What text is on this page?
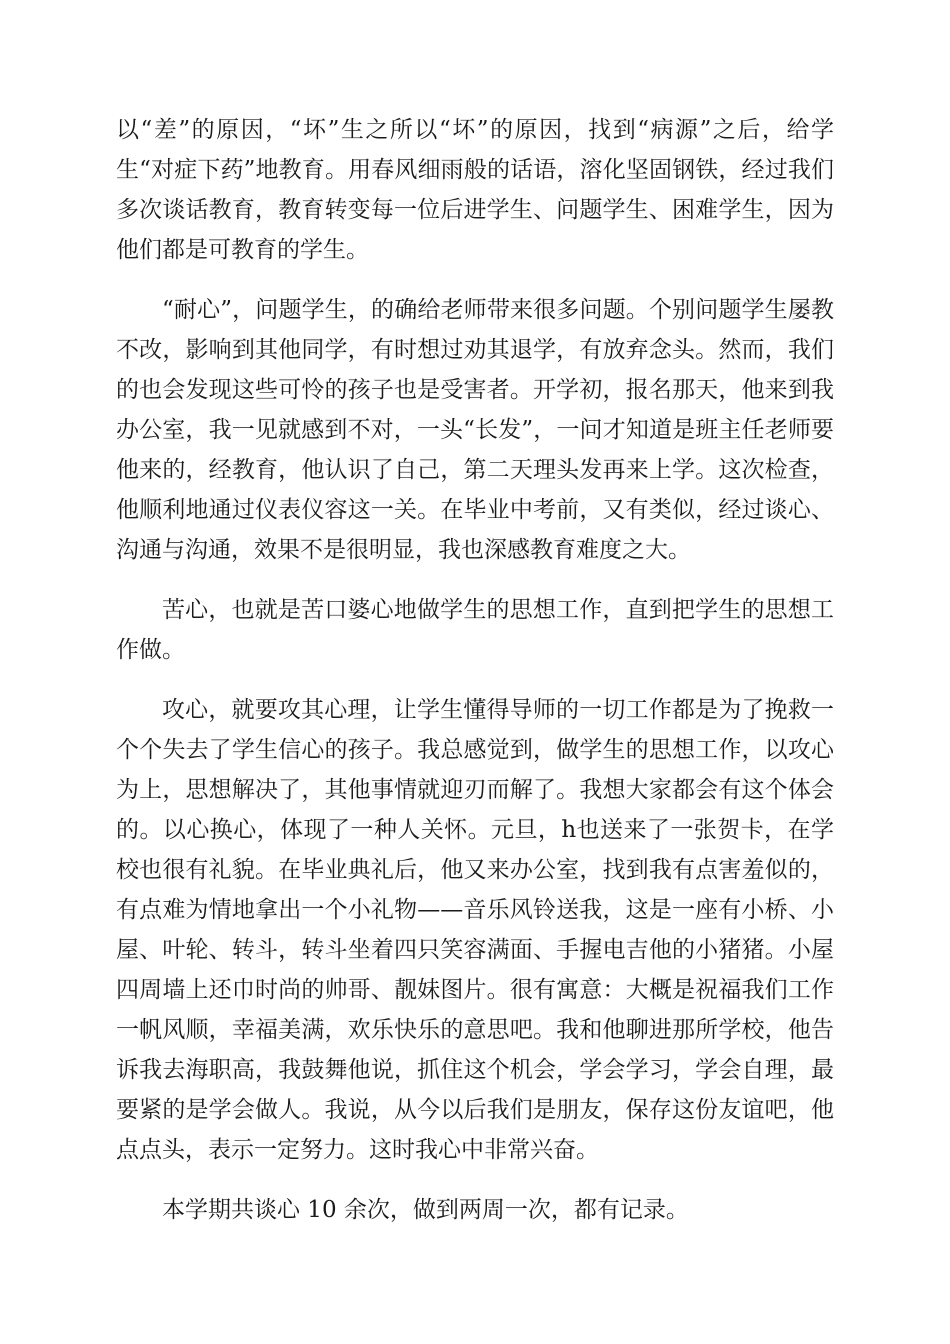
以“差”的原因，“坏”生之所以“坏”的原因，找到“病源”之后，给学生“对症下药”地教育。用春风细雨般的话语，溶化坚固钢铁，经过我们多次谈话教育，教育转变每一位后进学生、问题学生、困难学生，因为他们都是可教育的学生。

“耐心”，问题学生，的确给老师带来很多问题。个别问题学生屡教不改，影响到其他同学，有时想过劝其退学，有放弃念头。然而，我们的也会发现这些可怜的孩子也是受害者。开学初，报名那天，他来到我办公室，我一见就感到不对，一头“长发”，一问才知道是班主任老师要他来的，经教育，他认识了自己，第二天理头发再来上学。这次检查，他顺利地通过仪表仪容这一关。在毕业中考前，又有类似，经过谈心、沟通与沟通，效果不是很明显，我也深感教育难度之大。

苦心，也就是苦口婆心地做学生的思想工作，直到把学生的思想工作做。

攻心，就要攻其心理，让学生懂得导师的一切工作都是为了挽救一个个失去了学生信心的孩子。我总感觉到，做学生的思想工作，以攻心为上，思想解决了，其他事情就迎刃而解了。我想大家都会有这个体会的。以心换心，体现了一种人关怀。元旦，h也送来了一张贺卡，在学校也很有礼貌。在毕业典礼后，他又来办公室，找到我有点害羞似的，有点难为情地拿出一个小礼物——音乐风铃送我，这是一座有小桥、小屋、叶轮、转斗，转斗坐着四只笑容满面、手握电吉他的小猪猪。小屋四周墙上还巾时尚的帅哥、靓妹图片。很有寓意：大概是祝福我们工作一帆风顺，幸福美满，欢乐快乐的意思吧。我和他聊进那所学校，他告诉我去海职高，我鼓舞他说，抓住这个机会，学会学习，学会自理，最要紧的是学会做人。我说，从今以后我们是朋友，保存这份友谊吧，他点点头，表示一定努力。这时我心中非常兴奋。

本学期共谈心 10 余次，做到两周一次，都有记录。
